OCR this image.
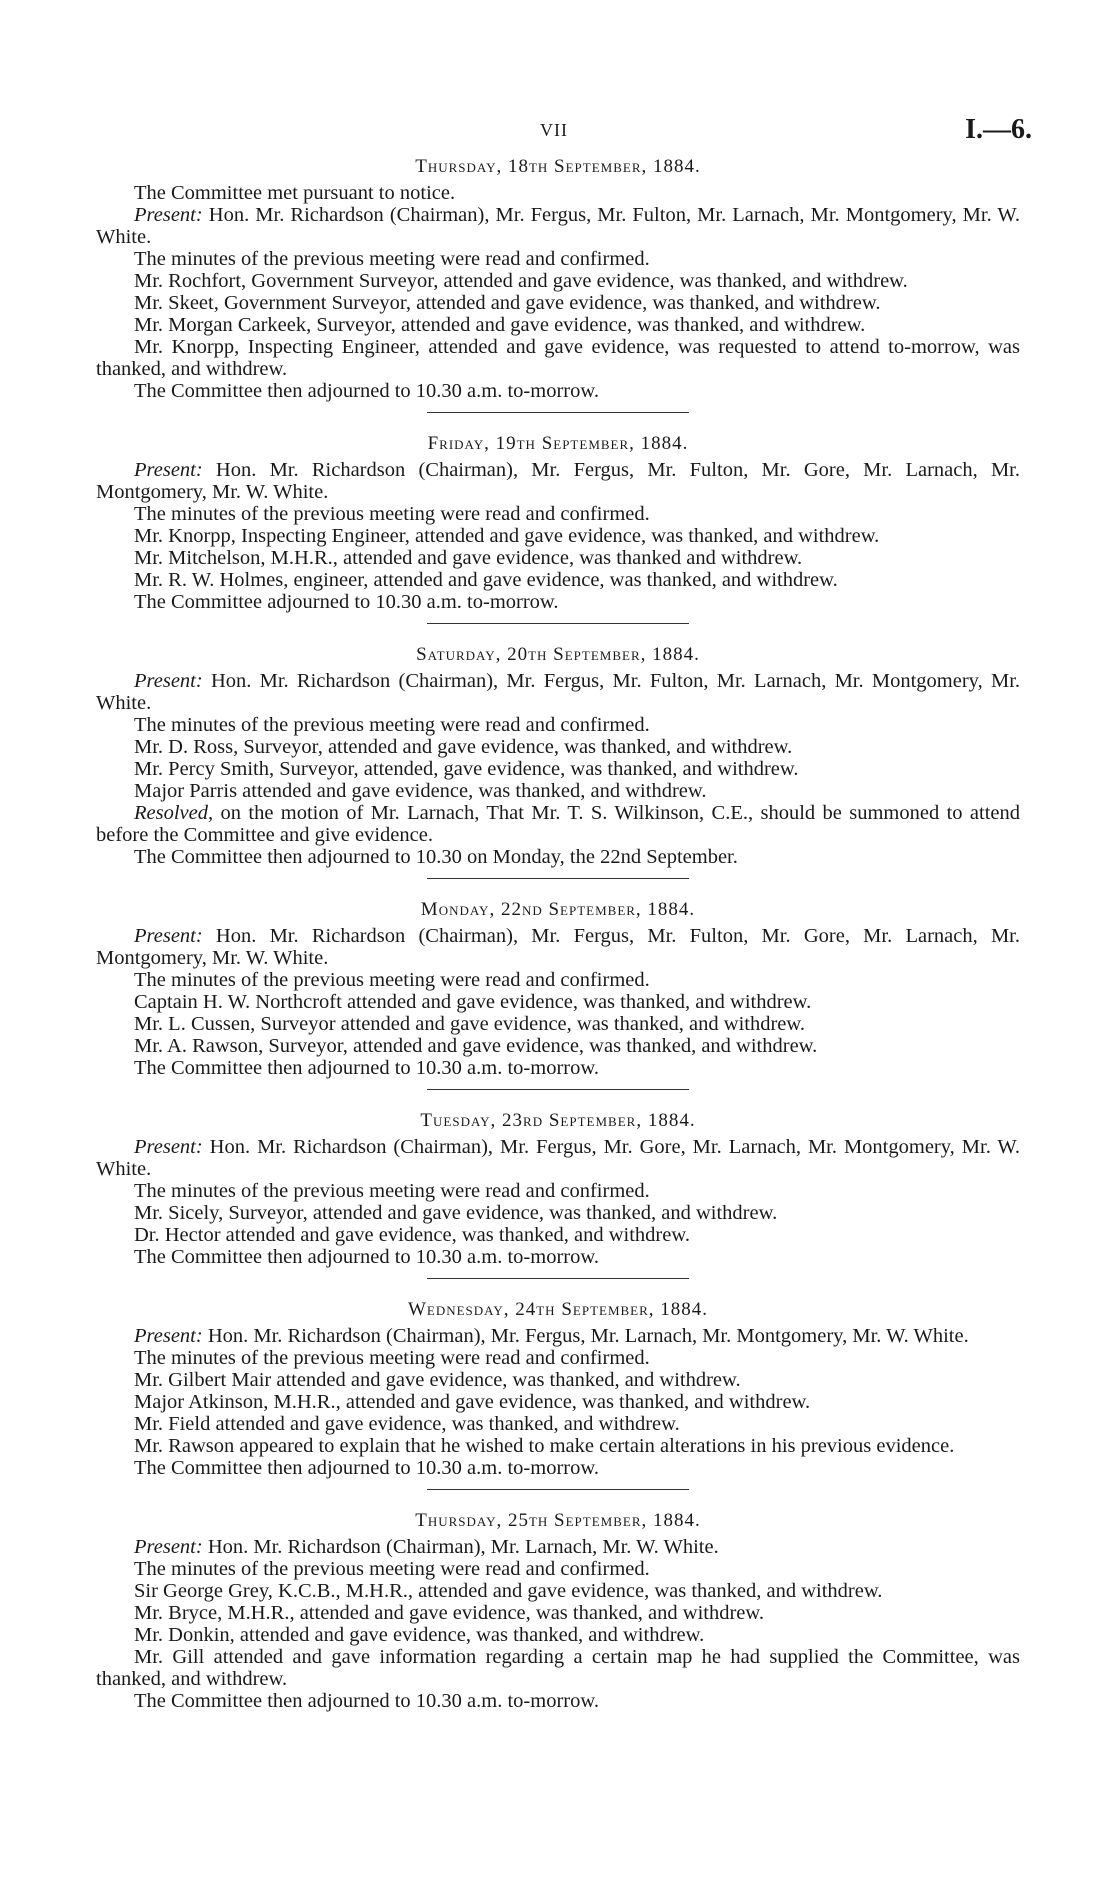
VII	I.—6.
Thursday, 18th September, 1884.

The Committee met pursuant to notice.

Present: Hon. Mr. Richardson (Chairman), Mr. Fergus, Mr. Fulton, Mr. Larnach, Mr. Montgomery, Mr. W. White.

The minutes of the previous meeting were read and confirmed.

Mr. Rochfort, Government Surveyor, attended and gave evidence, was thanked, and withdrew.

Mr. Skeet, Government Surveyor, attended and gave evidence, was thanked, and withdrew.

Mr. Morgan Carkeek, Surveyor, attended and gave evidence, was thanked, and withdrew.

Mr. Knorpp, Inspecting Engineer, attended and gave evidence, was requested to attend to-morrow, was thanked, and withdrew.

The Committee then adjourned to 10.30 a.m. to-morrow.

Friday, 19th September, 1884.

Present: Hon. Mr. Richardson (Chairman), Mr. Fergus, Mr. Fulton, Mr. Gore, Mr. Larnach, Mr. Montgomery, Mr. W. White.

The minutes of the previous meeting were read and confirmed.

Mr. Knorpp, Inspecting Engineer, attended and gave evidence, was thanked, and withdrew.

Mr. Mitchelson, M.H.R., attended and gave evidence, was thanked and withdrew.

Mr. R. W. Holmes, engineer, attended and gave evidence, was thanked, and withdrew.

The Committee adjourned to 10.30 a.m. to-morrow.

Saturday, 20th September, 1884.

Present: Hon. Mr. Richardson (Chairman), Mr. Fergus, Mr. Fulton, Mr. Larnach, Mr. Montgomery, Mr. White.

The minutes of the previous meeting were read and confirmed.

Mr. D. Ross, Surveyor, attended and gave evidence, was thanked, and withdrew.

Mr. Percy Smith, Surveyor, attended, gave evidence, was thanked, and withdrew.

Major Parris attended and gave evidence, was thanked, and withdrew.

Resolved, on the motion of Mr. Larnach, That Mr. T. S. Wilkinson, C.E., should be summoned to attend before the Committee and give evidence.

The Committee then adjourned to 10.30 on Monday, the 22nd September.

Monday, 22nd September, 1884.

Present: Hon. Mr. Richardson (Chairman), Mr. Fergus, Mr. Fulton, Mr. Gore, Mr. Larnach, Mr. Montgomery, Mr. W. White.

The minutes of the previous meeting were read and confirmed.

Captain H. W. Northcroft attended and gave evidence, was thanked, and withdrew.

Mr. L. Cussen, Surveyor attended and gave evidence, was thanked, and withdrew.

Mr. A. Rawson, Surveyor, attended and gave evidence, was thanked, and withdrew.

The Committee then adjourned to 10.30 a.m. to-morrow.

Tuesday, 23rd September, 1884.

Present: Hon. Mr. Richardson (Chairman), Mr. Fergus, Mr. Gore, Mr. Larnach, Mr. Montgomery, Mr. W. White.

The minutes of the previous meeting were read and confirmed.

Mr. Sicely, Surveyor, attended and gave evidence, was thanked, and withdrew.

Dr. Hector attended and gave evidence, was thanked, and withdrew.

The Committee then adjourned to 10.30 a.m. to-morrow.

Wednesday, 24th September, 1884.

Present: Hon. Mr. Richardson (Chairman), Mr. Fergus, Mr. Larnach, Mr. Montgomery, Mr. W. White.

The minutes of the previous meeting were read and confirmed.

Mr. Gilbert Mair attended and gave evidence, was thanked, and withdrew.

Major Atkinson, M.H.R., attended and gave evidence, was thanked, and withdrew.

Mr. Field attended and gave evidence, was thanked, and withdrew.

Mr. Rawson appeared to explain that he wished to make certain alterations in his previous evidence.

The Committee then adjourned to 10.30 a.m. to-morrow.

Thursday, 25th September, 1884.

Present: Hon. Mr. Richardson (Chairman), Mr. Larnach, Mr. W. White.

The minutes of the previous meeting were read and confirmed.

Sir George Grey, K.C.B., M.H.R., attended and gave evidence, was thanked, and withdrew.

Mr. Bryce, M.H.R., attended and gave evidence, was thanked, and withdrew.

Mr. Donkin, attended and gave evidence, was thanked, and withdrew.

Mr. Gill attended and gave information regarding a certain map he had supplied the Committee, was thanked, and withdrew.

The Committee then adjourned to 10.30 a.m. to-morrow.
